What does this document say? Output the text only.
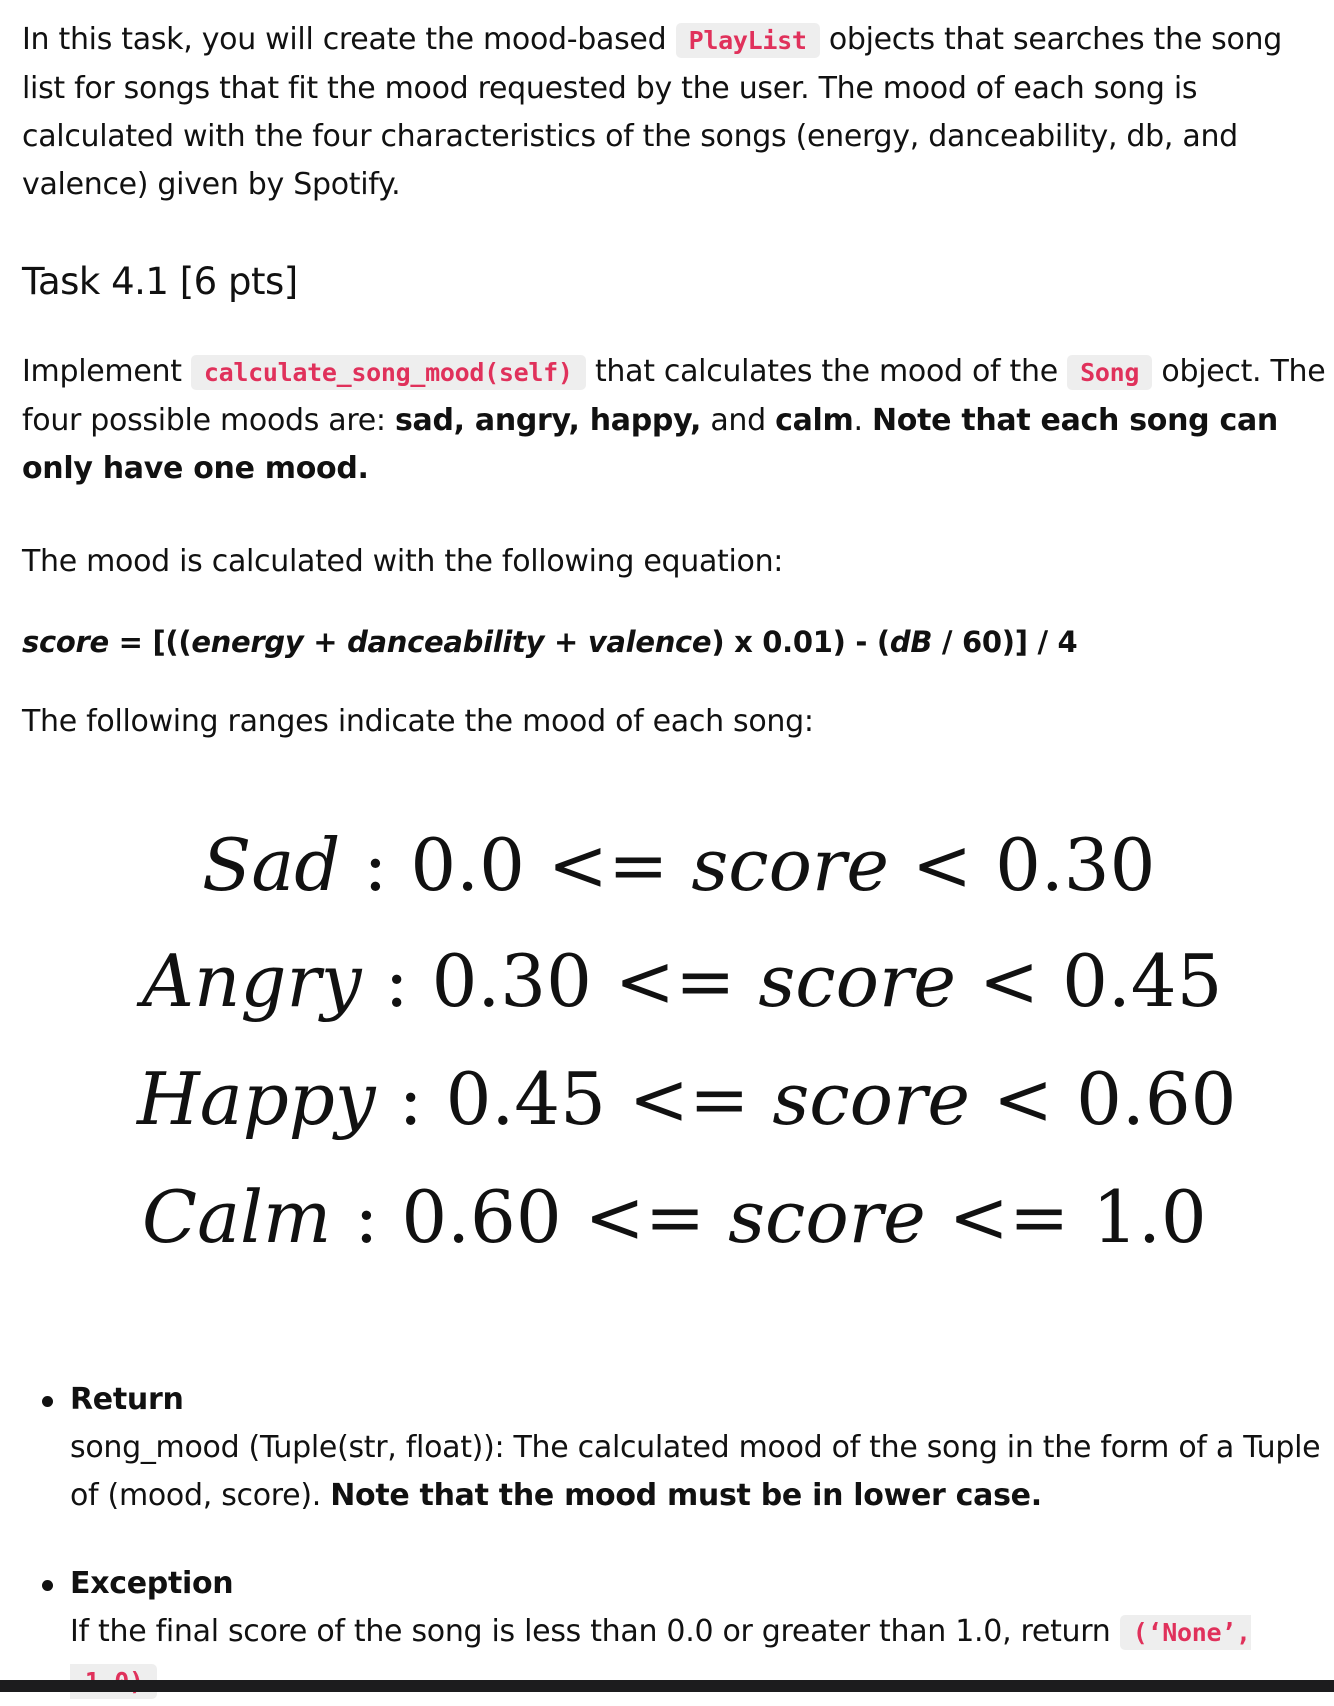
In this task, you will create the mood-based PlayList objects that searches the song list for songs that fit the mood requested by the user. The mood of each song is calculated with the four characteristics of the songs (energy, danceability, db, and valence) given by Spotify.

Task 4.1 [6 pts]

Implement calculate_song_mood(self) that calculates the mood of the Song object. The four possible moods are: sad, angry, happy, and calm. Note that each song can only have one mood.

The mood is calculated with the following equation:

score = [((energy + danceability + valence) x 0.01) - (dB / 60)] / 4

The following ranges indicate the mood of each song:

Sad : 0.0 <= score < 0.30
Angry : 0.30 <= score < 0.45
Happy : 0.45 <= score < 0.60
Calm : 0.60 <= score <= 1.0

Return

song_mood (Tuple(str, float)): The calculated mood of the song in the form of a Tuple of (mood, score). Note that the mood must be in lower case.

Exception

If the final score of the song is less than 0.0 or greater than 1.0, return (‘None’,
